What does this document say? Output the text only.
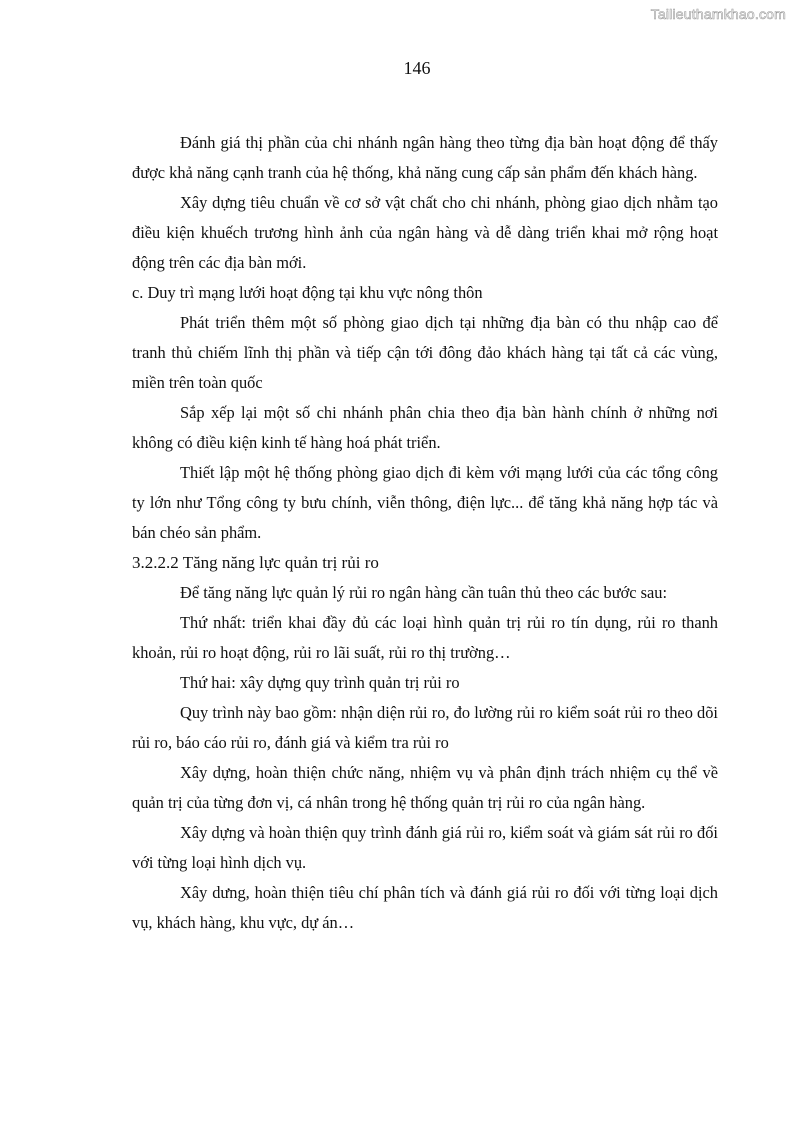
Tailieuthamkhao.com
146

Đánh giá thị phần của chi nhánh ngân hàng theo từng địa bàn hoạt động để thấy được khả năng cạnh tranh của hệ thống, khả năng cung cấp sản phẩm đến khách hàng.

Xây dựng tiêu chuẩn về cơ sở vật chất cho chi nhánh, phòng giao dịch nhằm tạo điều kiện khuếch trương hình ảnh của ngân hàng và dễ dàng triển khai mở rộng hoạt động trên các địa bàn mới.

c. Duy trì mạng lưới hoạt động tại khu vực nông thôn

Phát triển thêm một số phòng giao dịch tại những địa bàn có thu nhập cao để tranh thủ chiếm lĩnh thị phần và tiếp cận tới đông đảo khách hàng tại tất cả các vùng, miền trên toàn quốc

Sắp xếp lại một số chi nhánh phân chia theo địa bàn hành chính ở những nơi không có điều kiện kinh tế hàng hoá phát triển.

Thiết lập một hệ thống phòng giao dịch đi kèm với mạng lưới của các tổng công ty lớn như Tổng công ty bưu chính, viễn thông, điện lực... để tăng khả năng hợp tác và bán chéo sản phẩm.

3.2.2.2 Tăng năng lực quản trị rủi ro

Để tăng năng lực quản lý rủi ro ngân hàng cần tuân thủ theo các bước sau:

Thứ nhất: triển khai đầy đủ các loại hình quản trị rủi ro tín dụng, rủi ro thanh khoản, rủi ro hoạt động, rủi ro lãi suất, rủi ro thị trường…

Thứ hai: xây dựng quy trình quản trị rủi ro

Quy trình này bao gồm: nhận diện rủi ro, đo lường rủi ro kiểm soát rủi ro theo dõi rủi ro, báo cáo rủi ro, đánh giá và kiểm tra rủi ro

Xây dựng, hoàn thiện chức năng, nhiệm vụ và phân định trách nhiệm cụ thể về quản trị của từng đơn vị, cá nhân trong hệ thống quản trị rủi ro của ngân hàng.

Xây dựng và hoàn thiện quy trình đánh giá rủi ro, kiểm soát và giám sát rủi ro đối với từng loại hình dịch vụ.

Xây dưng, hoàn thiện tiêu chí phân tích và đánh giá rủi ro đối với từng loại dịch vụ, khách hàng, khu vực, dự án…
